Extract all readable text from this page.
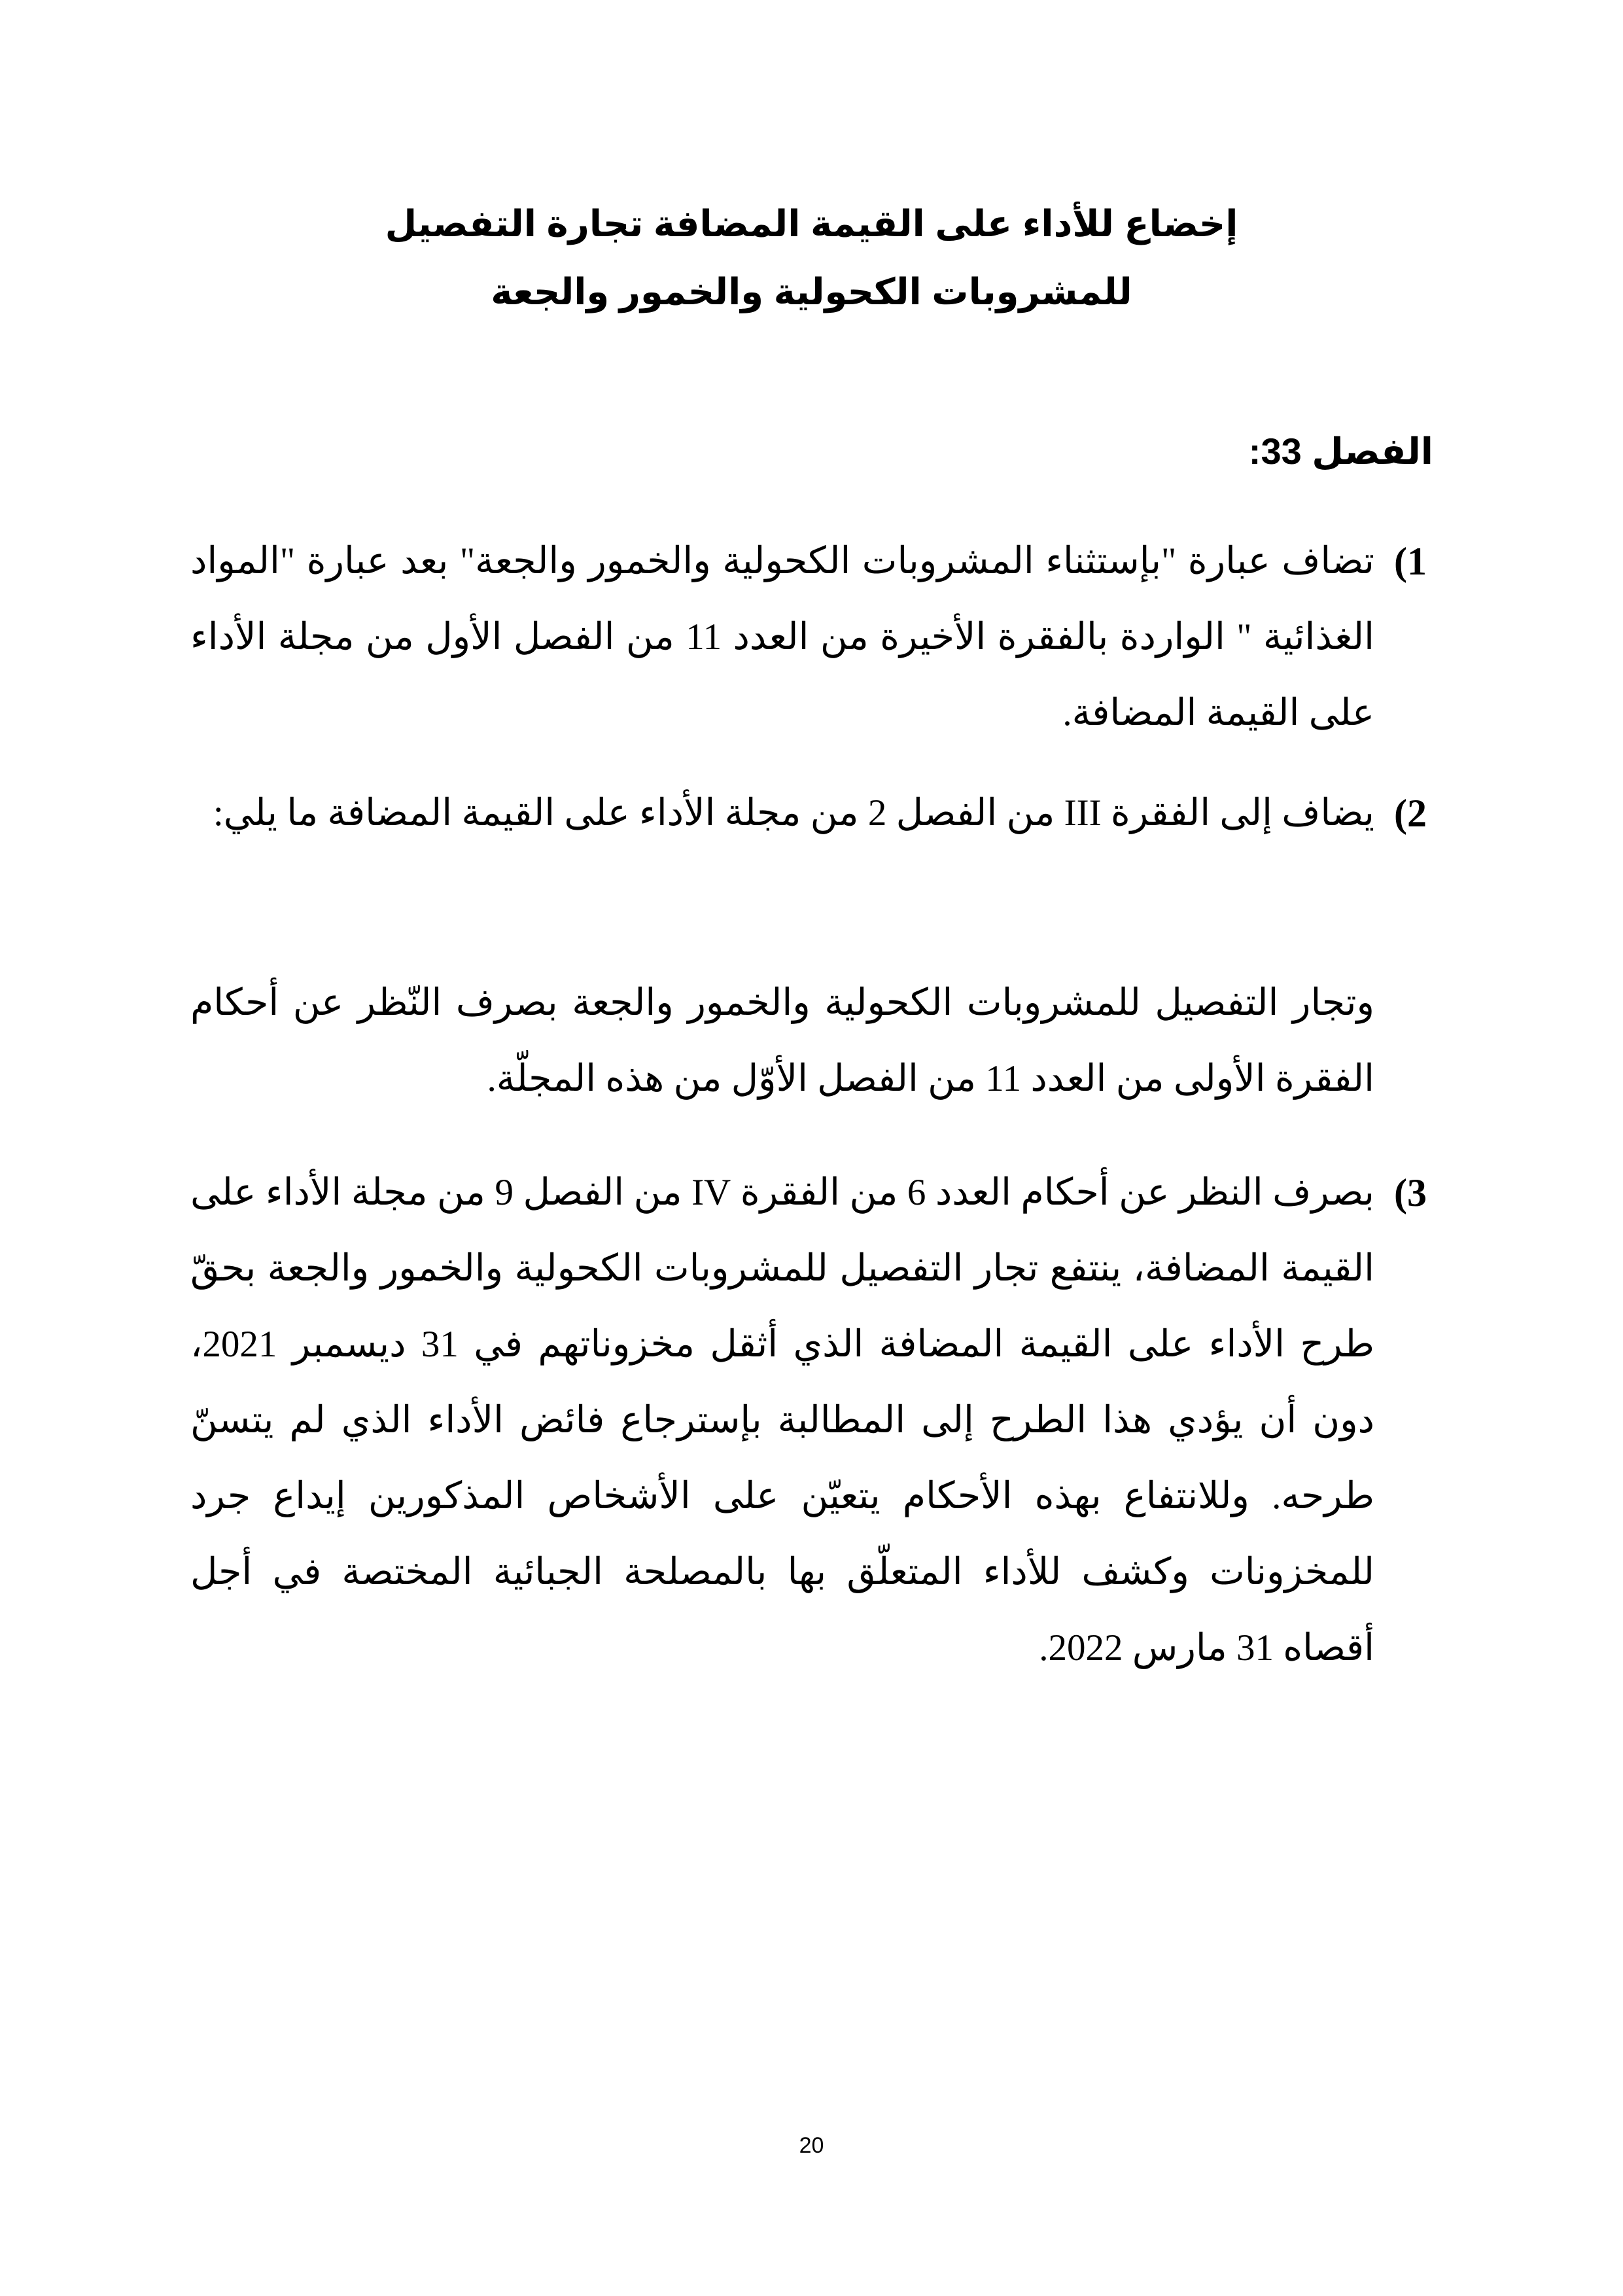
إخضاع للأداء على القيمة المضافة تجارة التفصيل
للمشروبات الكحولية والخمور والجعة
الفصل 33:
1)
تضاف عبارة "بإستثناء المشروبات الكحولية والخمور والجعة" بعد عبارة "المواد الغذائية " الواردة بالفقرة الأخيرة من العدد 11 من الفصل الأول من مجلة الأداء على القيمة المضافة.
2)
يضاف إلى الفقرة III من الفصل 2 من مجلة الأداء على القيمة المضافة ما يلي:
وتجار التفصيل للمشروبات الكحولية والخمور والجعة بصرف النّظر عن أحكام الفقرة الأولى من العدد 11 من الفصل الأوّل من هذه المجلّة.
3)
بصرف النظر عن أحكام العدد 6 من الفقرة IV من الفصل 9 من مجلة الأداء على القيمة المضافة، ينتفع تجار التفصيل للمشروبات الكحولية والخمور والجعة بحقّ طرح الأداء على القيمة المضافة الذي أثقل مخزوناتهم في 31 ديسمبر 2021، دون أن يؤدي هذا الطرح إلى المطالبة بإسترجاع فائض الأداء الذي لم يتسنّ طرحه. وللانتفاع بهذه الأحكام يتعيّن على الأشخاص المذكورين إيداع جرد للمخزونات وكشف للأداء المتعلّق بها بالمصلحة الجبائية المختصة في أجل أقصاه 31 مارس 2022.
20
